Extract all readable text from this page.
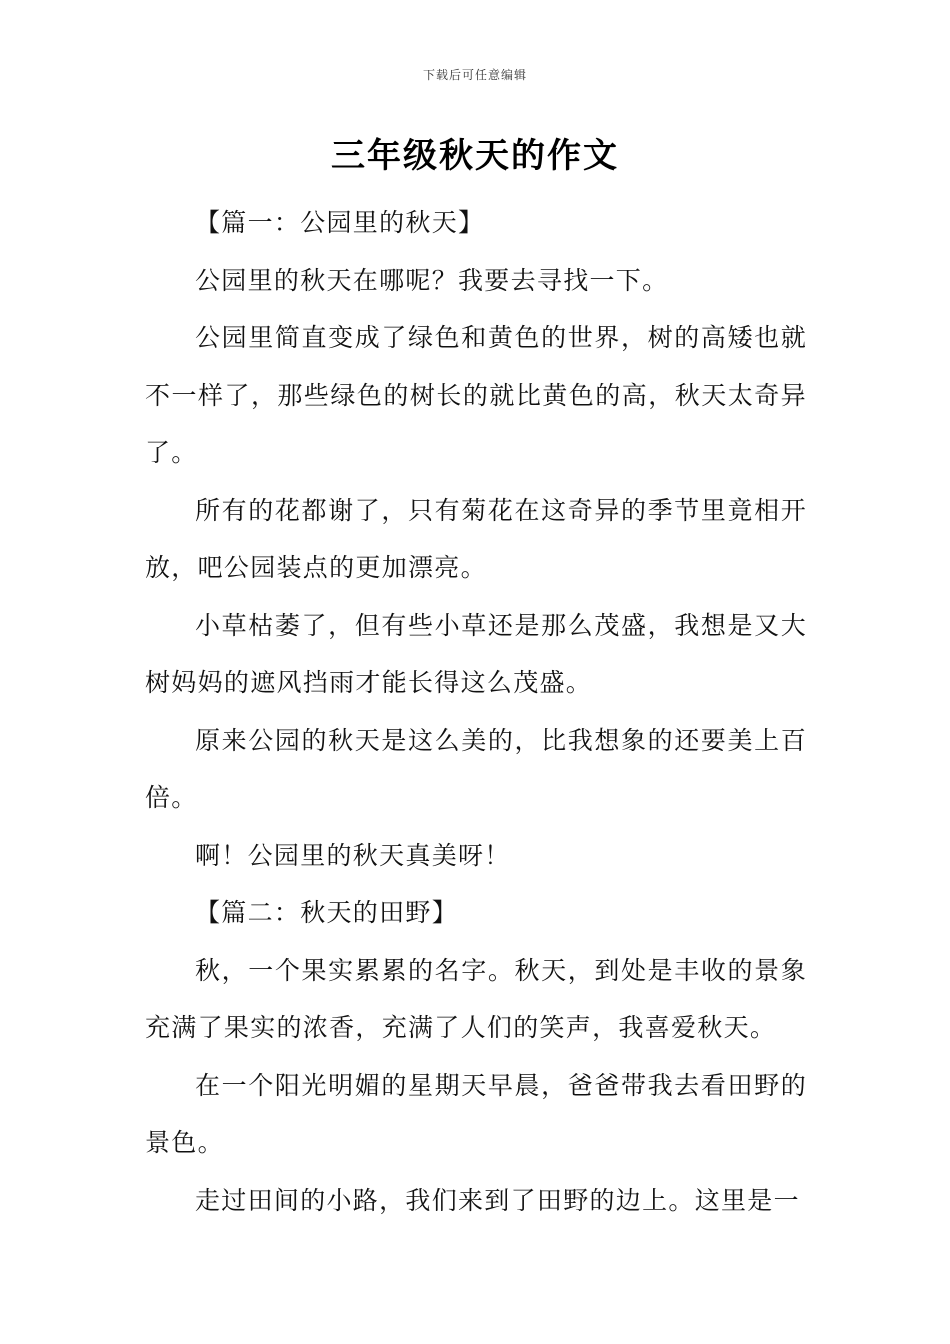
下载后可任意编辑
三年级秋天的作文

【篇一：公园里的秋天】

公园里的秋天在哪呢？我要去寻找一下。

公园里简直变成了绿色和黄色的世界，树的高矮也就不一样了，那些绿色的树长的就比黄色的高，秋天太奇异了。

所有的花都谢了，只有菊花在这奇异的季节里竟相开放，吧公园装点的更加漂亮。

小草枯萎了，但有些小草还是那么茂盛，我想是又大树妈妈的遮风挡雨才能长得这么茂盛。

原来公园的秋天是这么美的，比我想象的还要美上百倍。

啊！公园里的秋天真美呀！

【篇二：秋天的田野】

秋，一个果实累累的名字。秋天，到处是丰收的景象充满了果实的浓香，充满了人们的笑声，我喜爱秋天。

在一个阳光明媚的星期天早晨，爸爸带我去看田野的景色。

走过田间的小路，我们来到了田野的边上。这里是一
